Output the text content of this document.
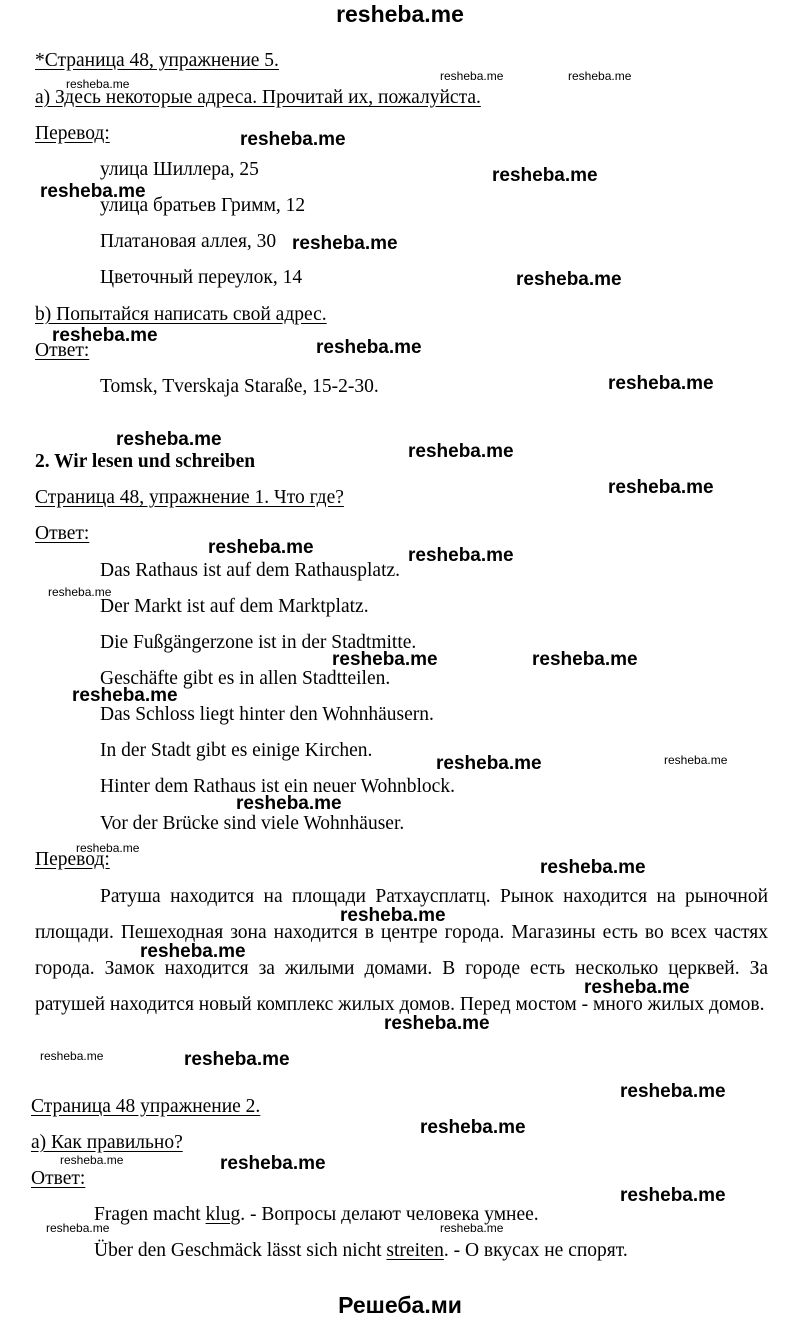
resheba.me
Решеба.ми
*Страница 48, упражнение 5.
a) Здесь некоторые адреса. Прочитай их, пожалуйста.
Перевод:
улица Шиллера, 25
улица братьев Гримм, 12
Платановая аллея, 30
Цветочный переулок, 14
b) Попытайся написать свой адрес.
Ответ:
Tomsk, Tverskaja Staraße, 15-2-30.
2. Wir lesen und schreiben
Страница 48, упражнение 1. Что где?
Ответ:
Das Rathaus ist auf dem Rathausplatz.
Der Markt ist auf dem Marktplatz.
Die Fußgängerzone ist in der Stadtmitte.
Geschäfte gibt es in allen Stadtteilen.
Das Schloss liegt hinter den Wohnhäusern.
In der Stadt gibt es einige Kirchen.
Hinter dem Rathaus ist ein neuer Wohnblock.
Vor der Brücke sind viele Wohnhäuser.
Перевод:
Ратуша находится на площади Ратхаусплатц. Рынок находится на рыночной площади. Пешеходная зона находится в центре города. Магазины есть во всех частях города. Замок находится за жилыми домами. В городе есть несколько церквей. За ратушей находится новый комплекс жилых домов. Перед мостом - много жилых домов.
Страница 48 упражнение 2.
a) Как правильно?
Ответ:
Fragen macht klug. - Вопросы делают человека умнее.
Über den Geschmäck lässt sich nicht streiten. - О вкусах не спорят.
resheba.me
resheba.me
resheba.me
resheba.me
resheba.me
resheba.me
resheba.me
resheba.me
resheba.me
resheba.me
resheba.me
resheba.me	resheba.me
resheba.me	resheba.me
resheba.me
resheba.me
resheba.me
resheba.me
resheba.me
resheba.me
resheba.me
resheba.me
resheba.me
resheba.me
resheba.me
resheba.me
resheba.me
resheba.me
resheba.me	resheba.me
resheba.me
resheba.me
resheba.me
resheba.me
resheba.me
resheba.me	resheba.me
